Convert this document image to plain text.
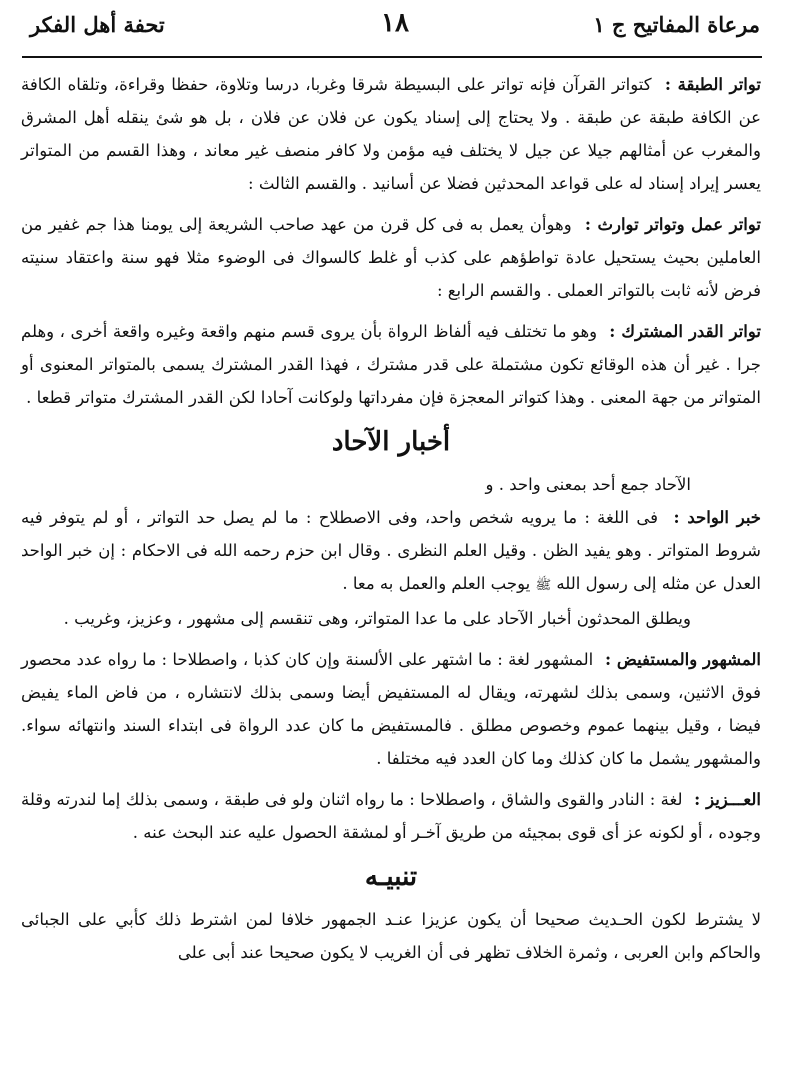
مرعاة المفاتيح ج ١
١٨
تحفة أهل الفكر
تواتر الطبقة :كتواتر القرآن فإنه تواتر على البسيطة شرقا وغربا، درسا وتلاوة، حفظا وقراءة، وتلقاه الكافة عن الكافة طبقة عن طبقة . ولا يحتاج إلى إسناد يكون عن فلان عن فلان ، بل هو شئ ينقله أهل المشرق والمغرب عن أمثالهم جيلا عن جيل لا يختلف فيه مؤمن ولا كافر منصف غير معاند ، وهذا القسم من المتواتر يعسر إيراد إسناد له على قواعد المحدثين فضلا عن أسانيد . والقسم الثالث :
تواتر عمل وتواتر توارث :وهوأن يعمل به فى كل قرن من عهد صاحب الشريعة إلى يومنا هذا جم غفير من العاملين بحيث يستحيل عادة تواطؤهم على كذب أو غلط كالسواك فى الوضوء مثلا فهو سنة واعتقاد سنيته فرض لأنه ثابت بالتواتر العملى . والقسم الرابع :
تواتر القدر المشترك :وهو ما تختلف فيه ألفاظ الرواة بأن يروى قسم منهم واقعة وغيره واقعة أخرى ، وهلم جرا . غير أن هذه الوقائع تكون مشتملة على قدر مشترك ، فهذا القدر المشترك يسمى بالمتواتر المعنوى أو المتواتر من جهة المعنى . وهذا كتواتر المعجزة فإن مفرداتها ولوكانت آحادا لكن القدر المشترك متواتر قطعا .
أخبار الآحاد
الآحاد جمع أحد بمعنى واحد . و
خبر الواحد :فى اللغة : ما يرويه شخص واحد، وفى الاصطلاح : ما لم يصل حد التواتر ، أو لم يتوفر فيه شروط المتواتر . وهو يفيد الظن . وقيل العلم النظرى . وقال ابن حزم رحمه الله فى الاحكام : إن خبر الواحد العدل عن مثله إلى رسول الله ﷺ يوجب العلم والعمل به معا .
ويطلق المحدثون أخبار الآحاد على ما عدا المتواتر، وهى تنقسم إلى مشهور ، وعزيز، وغريب .
المشهور والمستفيض :المشهور لغة : ما اشتهر على الألسنة وإن كان كذبا ، واصطلاحا : ما رواه عدد محصور فوق الاثنين، وسمى بذلك لشهرته، ويقال له المستفيض أيضا وسمى بذلك لانتشاره ، من فاض الماء يفيض فيضا ، وقيل بينهما عموم وخصوص مطلق . فالمستفيض ما كان عدد الرواة فى ابتداء السند وانتهائه سواء. والمشهور يشمل ما كان كذلك وما كان العدد فيه مختلفا .
العـــزيز :لغة : النادر والقوى والشاق ، واصطلاحا : ما رواه اثنان ولو فى طبقة ، وسمى بذلك إما لندرته وقلة وجوده ، أو لكونه عز أى قوى بمجيئه من طريق آخـر أو لمشقة الحصول عليه عند البحث عنه .
تنبيـه
لا يشترط لكون الحـديث صحيحا أن يكون عزيزا عنـد الجمهور خلافا لمن اشترط ذلك كأبي على الجبائى والحاكم وابن العربى ، وثمرة الخلاف تظهر فى أن الغريب لا يكون صحيحا عند أبى على
